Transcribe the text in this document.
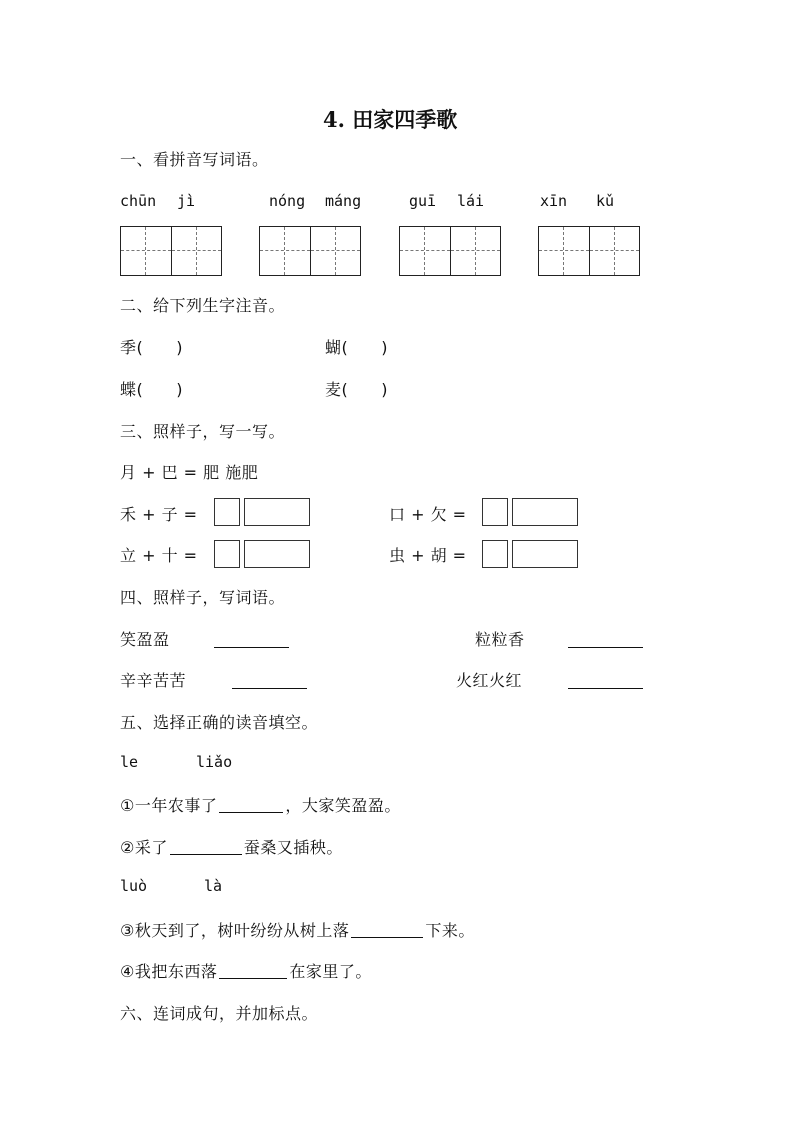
4. 田家四季歌
一、看拼音写词语。
chūn jì	nóng máng	guī lái	xīn kǔ
二、给下列生字注音。
季(　　)	蝴(　　)
蝶(　　)	麦(　　)
三、照样子，写一写。
月 + 巴 = 肥 施肥
禾 + 子 =	口 + 欠 =
立 + 十 =	虫 + 胡 =
四、照样子，写词语。
笑盈盈	粒粒香
辛辛苦苦	火红火红
五、选择正确的读音填空。
le	liǎo
①一年农事了	，大家笑盈盈。
②采了	蚕桑又插秧。
luò	là
③秋天到了，树叶纷纷从树上落	下来。
④我把东西落	在家里了。
六、连词成句，并加标点。
